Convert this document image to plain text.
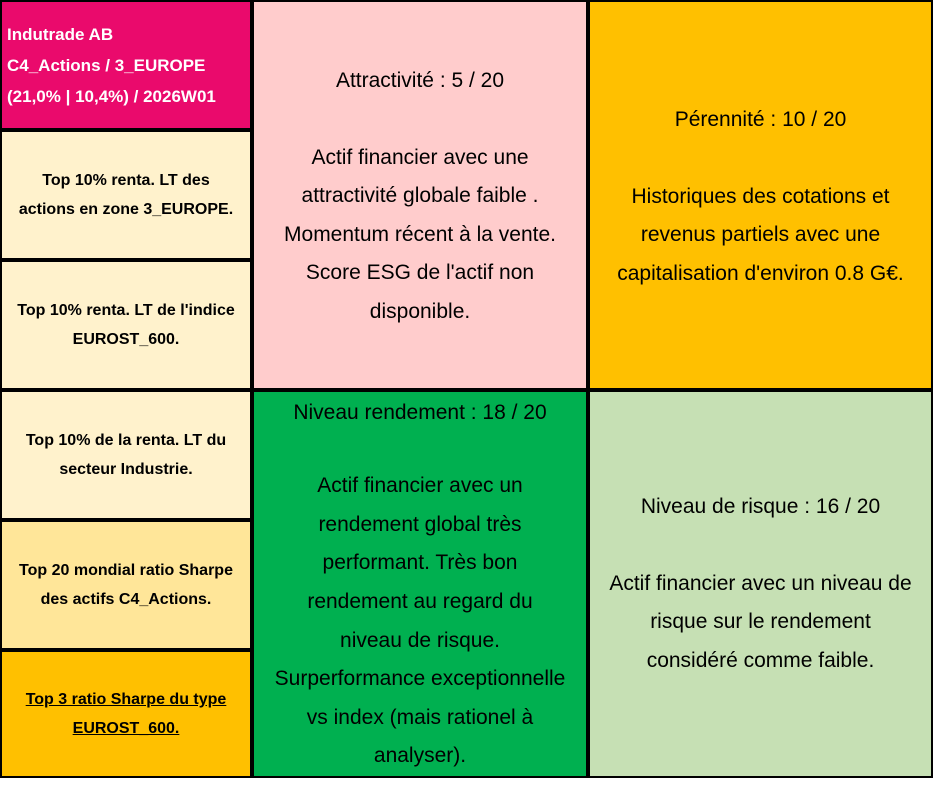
Indutrade AB
C4_Actions / 3_EUROPE
(21,0% | 10,4%) / 2026W01
Top 10% renta. LT des
actions en zone 3_EUROPE.
Top 10% renta. LT de l'indice
EUROST_600.
Top 10% de la renta. LT du
secteur Industrie.
Top 20 mondial ratio Sharpe
des actifs C4_Actions.
Top 3 ratio Sharpe du type
EUROST_600.
Attractivité : 5 / 20
Actif financier avec une
attractivité globale faible .
Momentum récent à la vente.
Score ESG de l'actif non
disponible.
Pérennité : 10 / 20
Historiques des cotations et
revenus partiels avec une
capitalisation d'environ 0.8 G€.
Niveau rendement : 18 / 20
Actif financier avec un
rendement global très
performant. Très bon
rendement au regard du
niveau de risque.
Surperformance exceptionnelle
vs index (mais rationel à
analyser).
Niveau de risque : 16 / 20
Actif financier avec un niveau de
risque sur le rendement
considéré comme faible.
